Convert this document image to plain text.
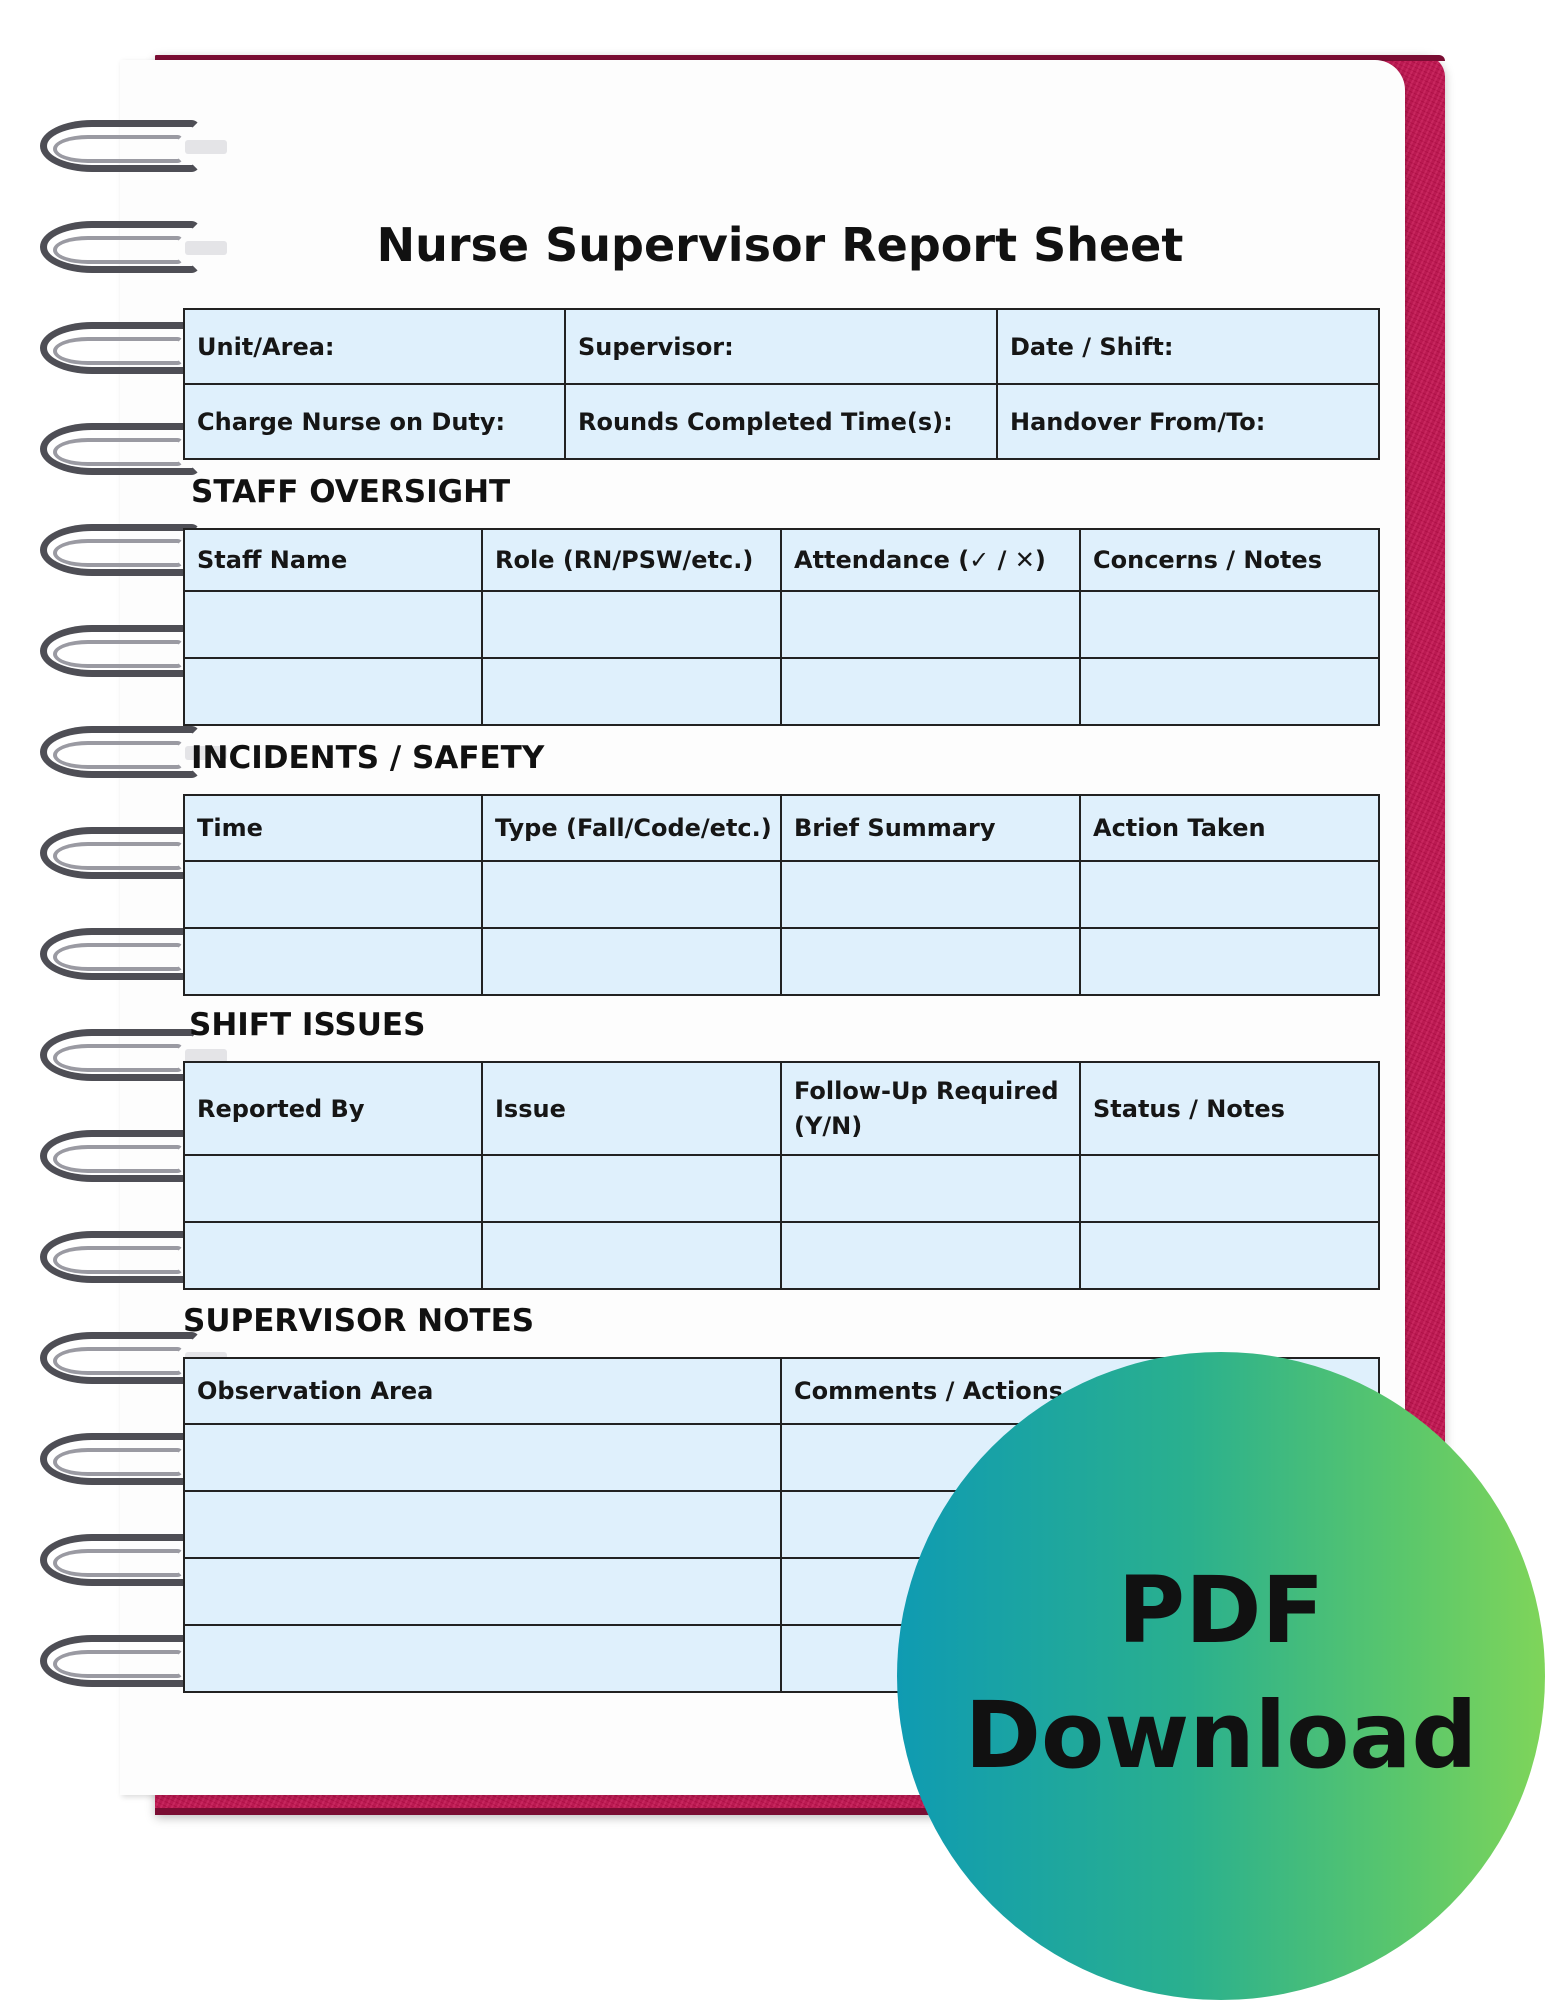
Nurse Supervisor Report Sheet
Unit/Area:	Supervisor:	Date / Shift:
Charge Nurse on Duty:	Rounds Completed Time(s):	Handover From/To:
STAFF OVERSIGHT
Staff Name	Role (RN/PSW/etc.)	Attendance (✓ / ✕)	Concerns / Notes

INCIDENTS / SAFETY
Time	Type (Fall/Code/etc.)	Brief Summary	Action Taken

SHIFT ISSUES
Reported By	Issue	Follow-Up Required (Y/N)	Status / Notes

SUPERVISOR NOTES
Observation Area	Comments / Actions

PDF
Download
